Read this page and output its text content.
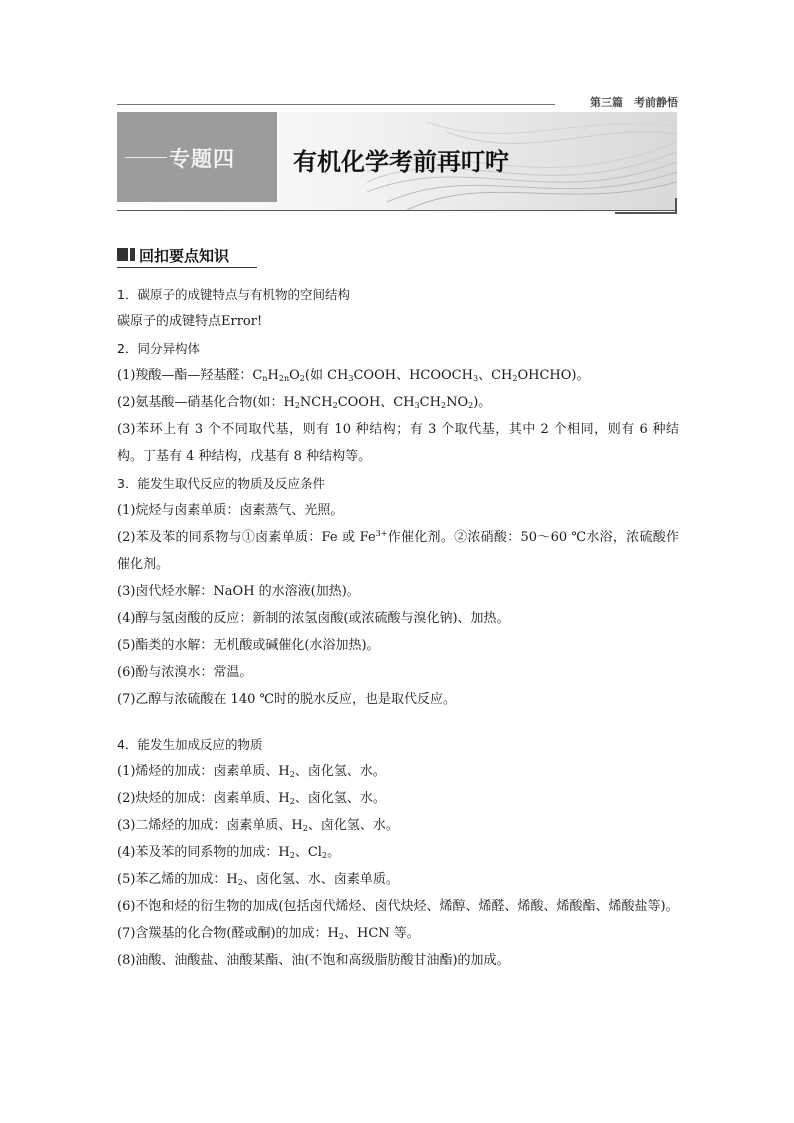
第三篇　考前静悟
专题四 有机化学考前再叮咛
回扣要点知识

1．碳原子的成键特点与有机物的空间结构

碳原子的成键特点Error!

2．同分异构体

(1)羧酸—酯—羟基醛：$C_nH_{2n}O_2$(如 $CH_3COOH$、$HCOOCH_3$、$CH_2OHCHO$)。

(2)氨基酸—硝基化合物(如：$H_2NCH_2COOH$、$CH_3CH_2NO_2$)。

(3)苯环上有 3 个不同取代基，则有 10 种结构；有 3 个取代基，其中 2 个相同，则有 6 种结构。丁基有 4 种结构，戊基有 8 种结构等。

3．能发生取代反应的物质及反应条件

(1)烷烃与卤素单质：卤素蒸气、光照。

(2)苯及苯的同系物与①卤素单质：Fe 或 $Fe^{3+}$作催化剂。②浓硝酸：50～60 ℃水浴，浓硫酸作催化剂。

(3)卤代烃水解：NaOH 的水溶液(加热)。

(4)醇与氢卤酸的反应：新制的浓氢卤酸(或浓硫酸与溴化钠)、加热。

(5)酯类的水解：无机酸或碱催化(水浴加热)。

(6)酚与浓溴水：常温。

(7)乙醇与浓硫酸在 140 ℃时的脱水反应，也是取代反应。

4．能发生加成反应的物质

(1)烯烃的加成：卤素单质、$H_2$、卤化氢、水。

(2)炔烃的加成：卤素单质、$H_2$、卤化氢、水。

(3)二烯烃的加成：卤素单质、$H_2$、卤化氢、水。

(4)苯及苯的同系物的加成：$H_2$、$Cl_2$。

(5)苯乙烯的加成：$H_2$、卤化氢、水、卤素单质。

(6)不饱和烃的衍生物的加成(包括卤代烯烃、卤代炔烃、烯醇、烯醛、烯酸、烯酸酯、烯酸盐等)。

(7)含羰基的化合物(醛或酮)的加成：$H_2$、HCN 等。

(8)油酸、油酸盐、油酸某酯、油(不饱和高级脂肪酸甘油酯)的加成。
